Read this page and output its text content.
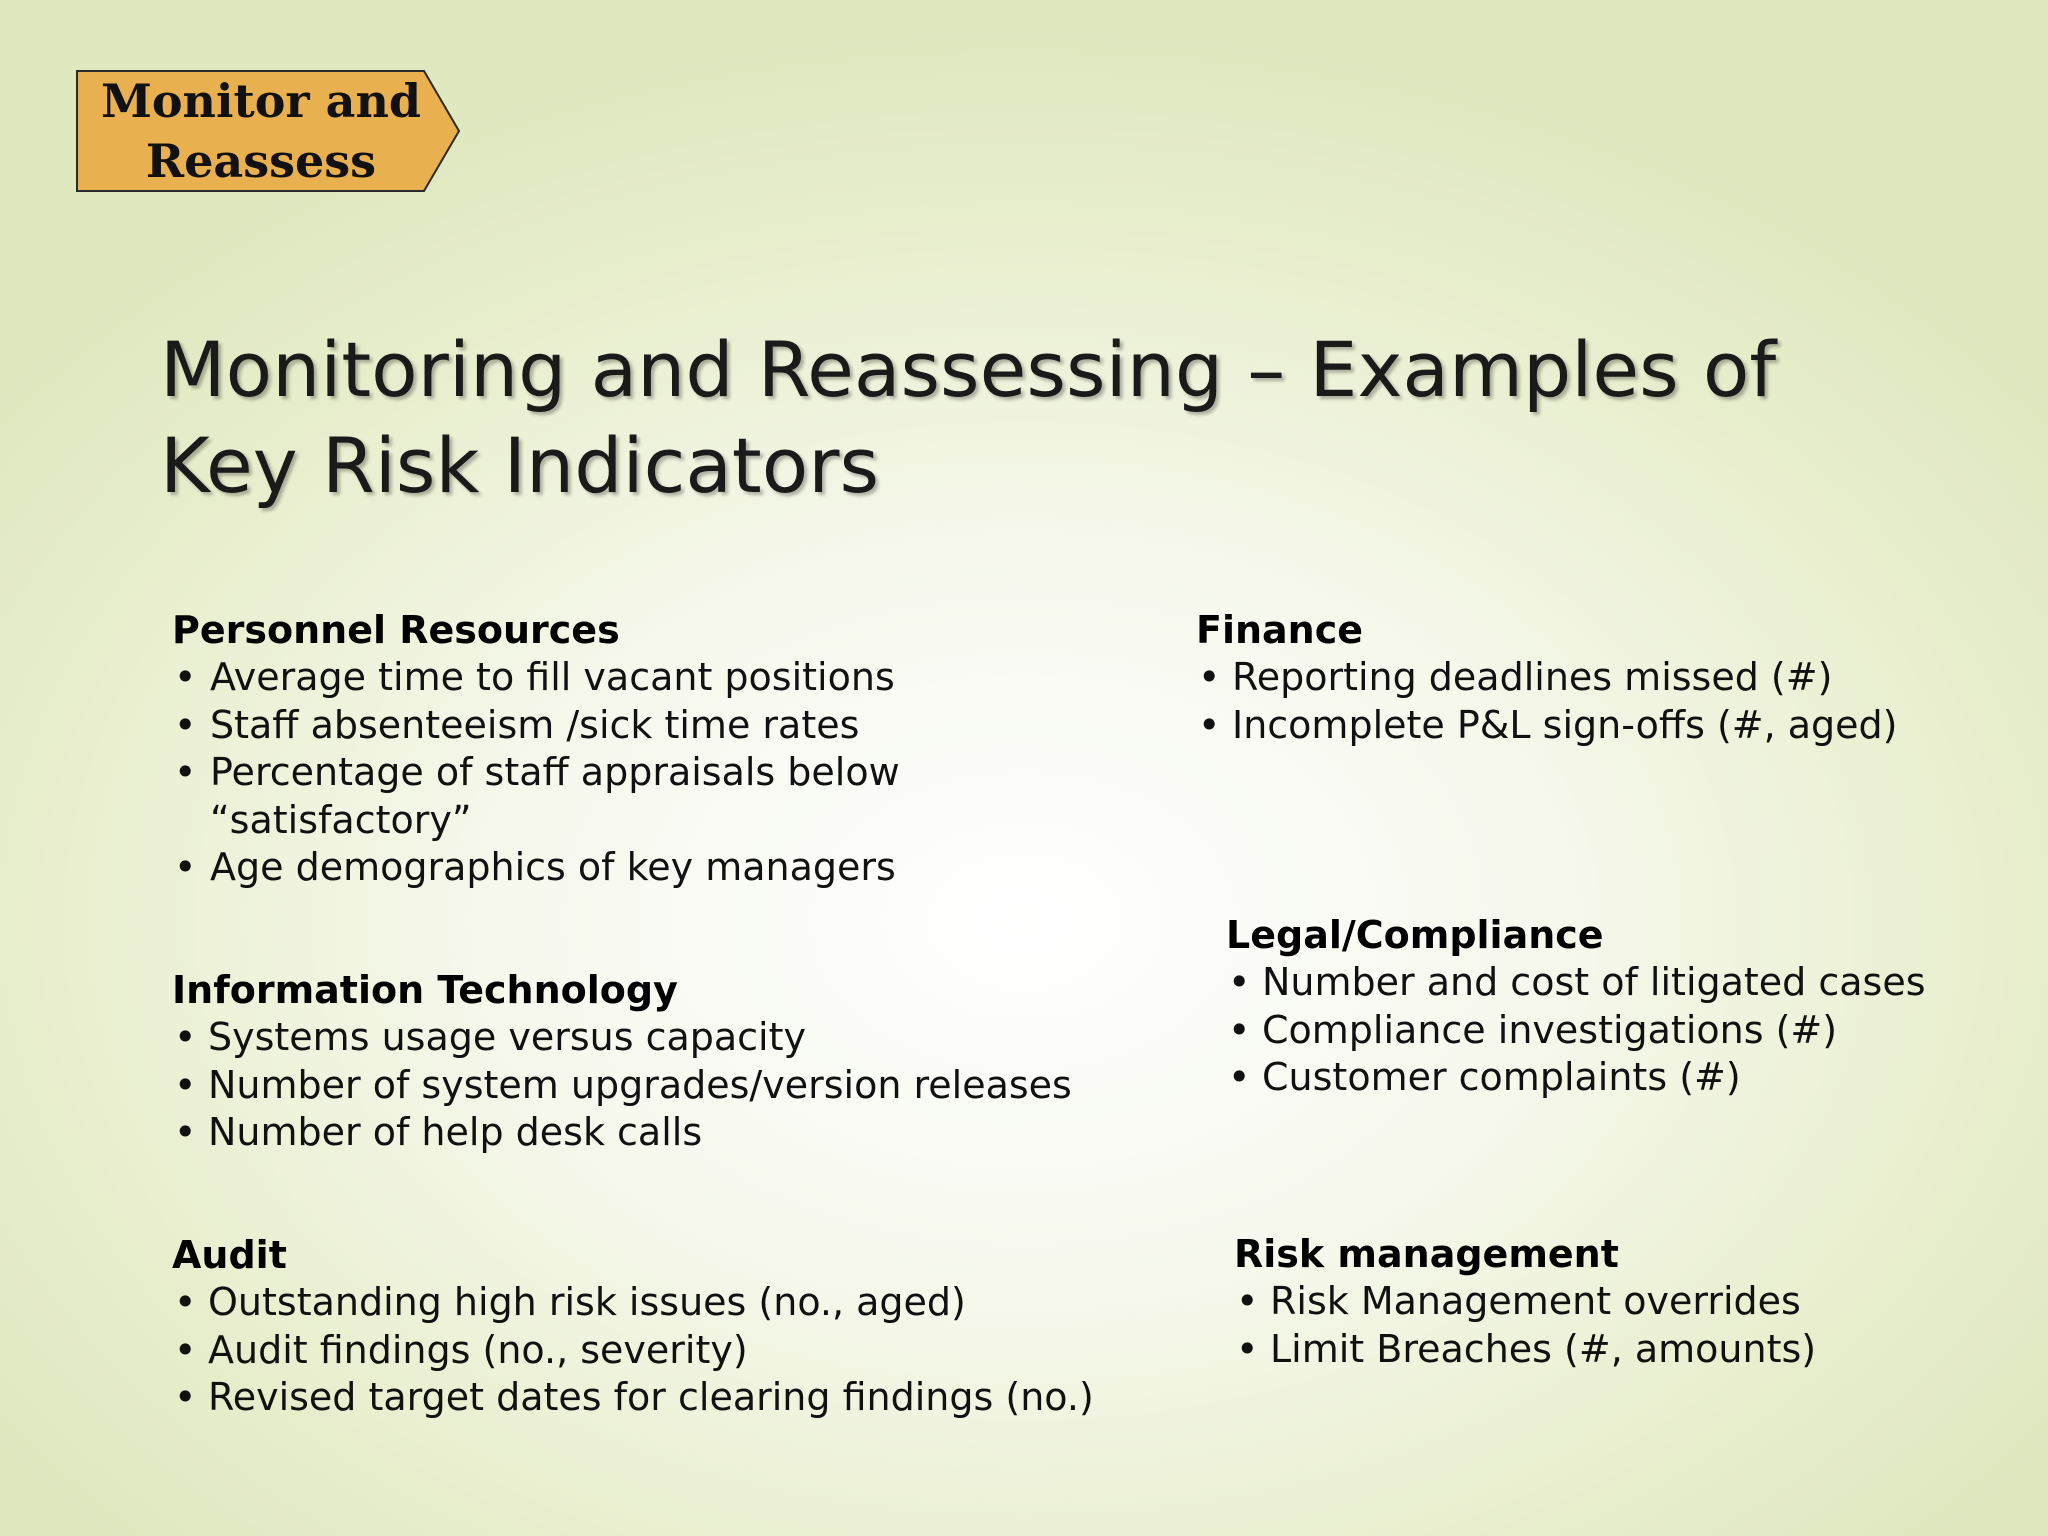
Monitor and
Reassess
Monitoring and Reassessing – Examples of Key Risk Indicators
Personnel Resources
• Average time to fill vacant positions
• Staff absenteeism /sick time rates
• Percentage of staff appraisals below “satisfactory”
• Age demographics of key managers
Information Technology
• Systems usage versus capacity
• Number of system upgrades/version releases
• Number of help desk calls
Audit
• Outstanding high risk issues (no., aged)
• Audit findings (no., severity)
• Revised target dates for clearing findings (no.)
Finance
• Reporting deadlines missed (#)
• Incomplete P&L sign-offs (#, aged)
Legal/Compliance
• Number and cost of litigated cases
• Compliance investigations (#)
• Customer complaints (#)
Risk management
• Risk Management overrides
• Limit Breaches (#, amounts)
